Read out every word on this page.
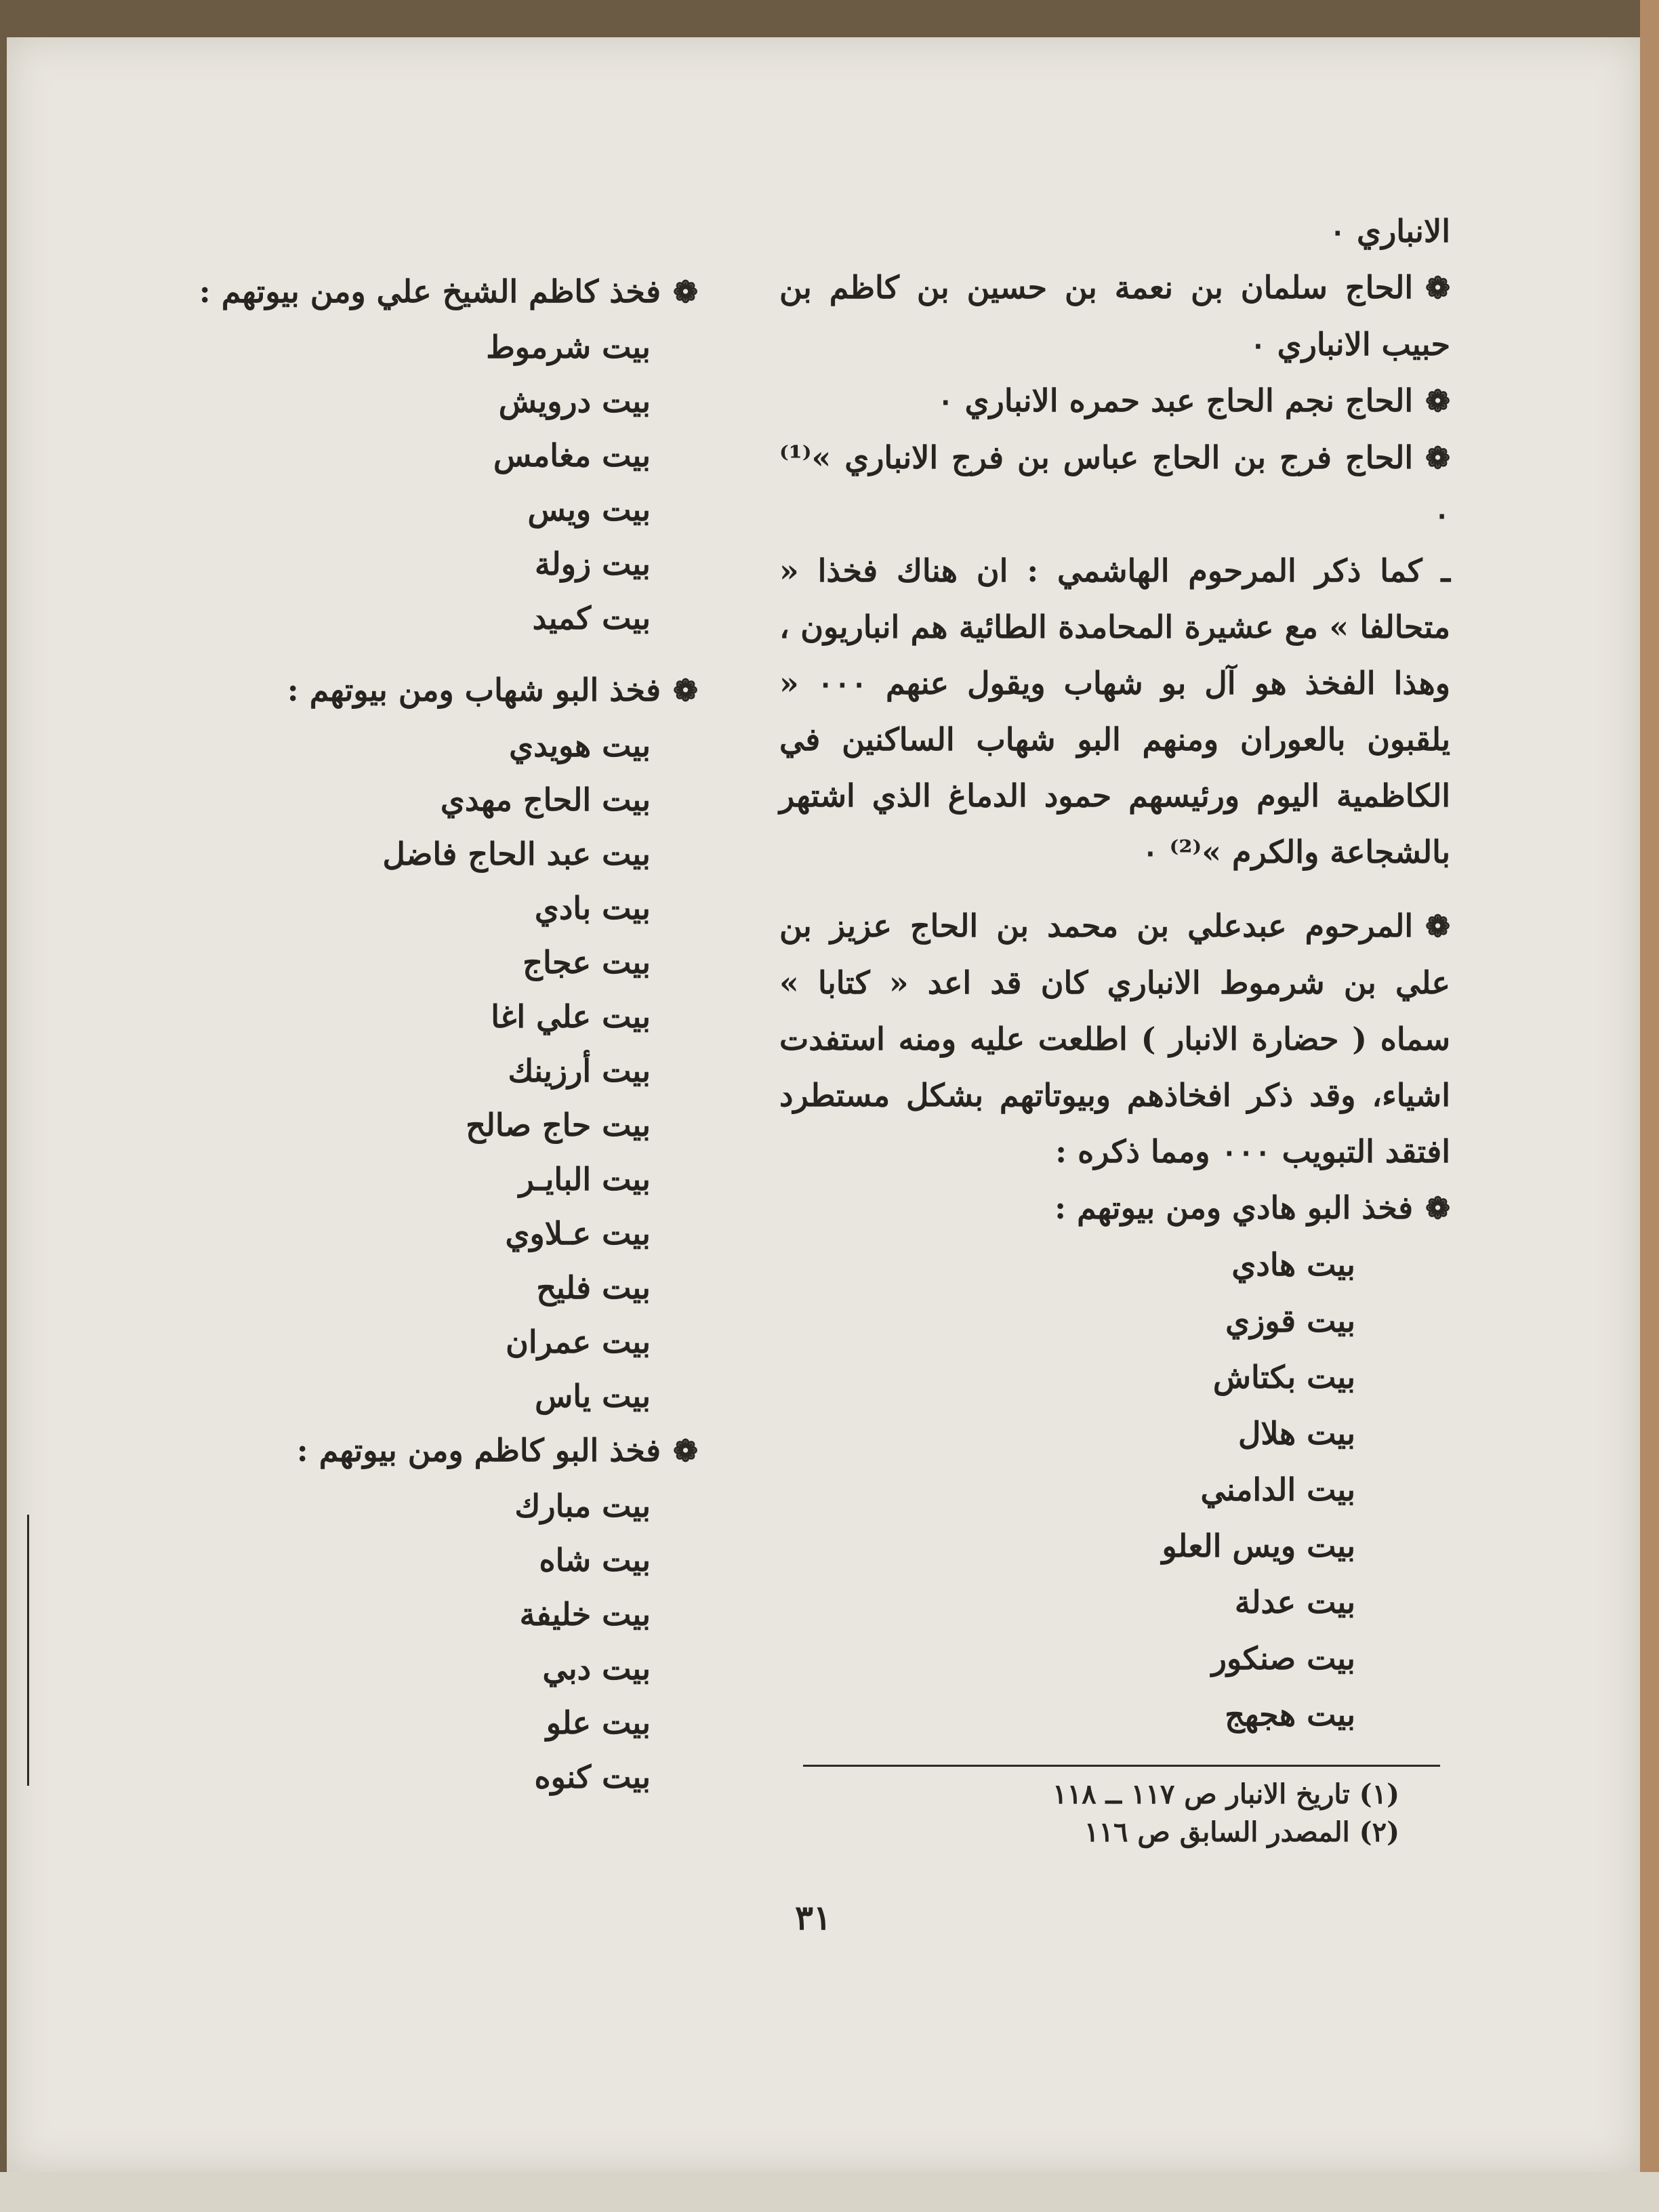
الانباري ٠

❁الحاج سلمان بن نعمة بن حسين بن كاظم بن حبيب الانباري ٠

❁الحاج نجم الحاج عبد حمره الانباري ٠

❁الحاج فرج بن الحاج عباس بن فرج الانباري »⁽¹⁾ ٠

ـ كما ذكر المرحوم الهاشمي : ان هناك فخذا « متحالفا » مع عشيرة المحامدة الطائية هم انباريون ، وهذا الفخذ هو آل بو شهاب ويقول عنهم ٠٠٠ « يلقبون بالعوران ومنهم البو شهاب الساكنين في الكاظمية اليوم ورئيسهم حمود الدماغ الذي اشتهر بالشجاعة والكرم »⁽²⁾ ٠

❁المرحوم عبدعلي بن محمد بن الحاج عزيز بن علي بن شرموط الانباري كان قد اعد « كتابا » سماه ( حضارة الانبار ) اطلعت عليه ومنه استفدت اشياء، وقد ذكر افخاذهم وبيوتاتهم بشكل مستطرد افتقد التبويب ٠٠٠ ومما ذكره :

❁فخذ البو هادي ومن بيوتهم :

بيت هادي

بيت قوزي

بيت بكتاش

بيت هلال

بيت الدامني

بيت ويس العلو

بيت عدلة

بيت صنكور

بيت هجهج

❁فخذ كاظم الشيخ علي ومن بيوتهم :

بيت شرموط

بيت درويش

بيت مغامس

بيت ويس

بيت زولة

بيت كميد

❁فخذ البو شهاب ومن بيوتهم :

بيت هويدي

بيت الحاج مهدي

بيت عبد الحاج فاضل

بيت بادي

بيت عجاج

بيت علي اغا

بيت أرزينك

بيت حاج صالح

بيت البايـر

بيت عـلاوي

بيت فليح

بيت عمران

بيت ياس

❁فخذ البو كاظم ومن بيوتهم :

بيت مبارك

بيت شاه

بيت خليفة

بيت دبي

بيت علو

بيت كنوه	(١) تاريخ الانبار ص ١١٧ ــ ١١٨

(٢) المصدر السابق ص ١١٦

٣١
